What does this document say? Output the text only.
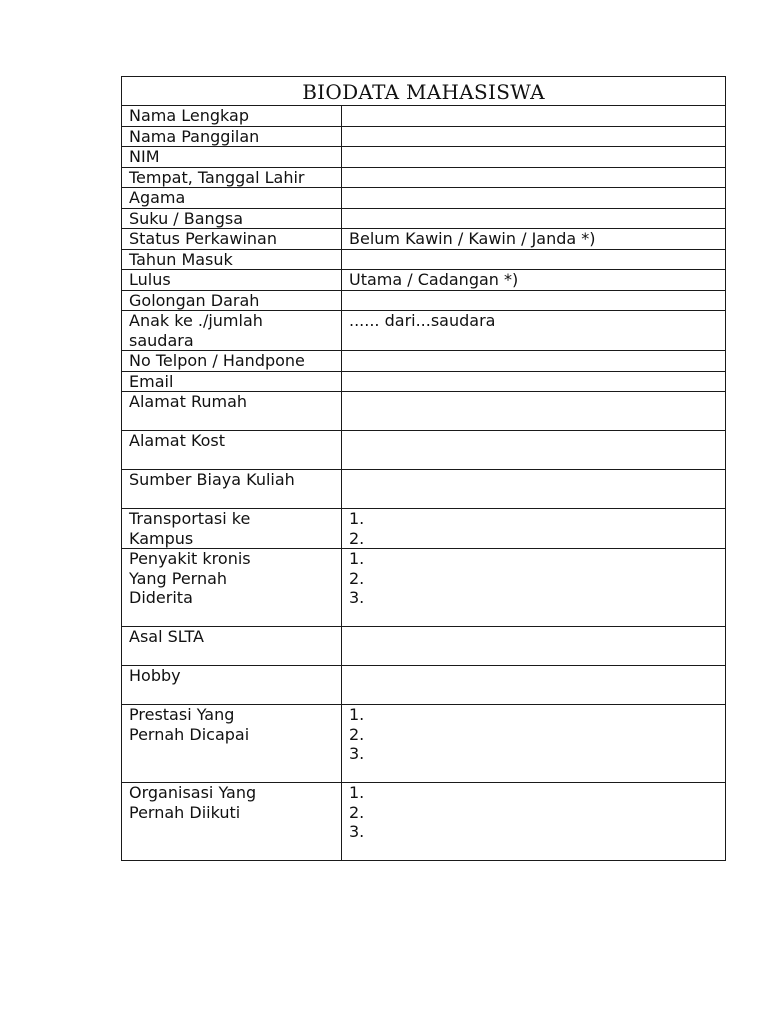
BIODATA MAHASISWA	

Nama Lengkap	

Nama Panggilan	

NIM	

Tempat, Tanggal Lahir	

Agama	

Suku / Bangsa	

Status Perkawinan	Belum Kawin / Kawin / Janda *)

Tahun Masuk	

Lulus	Utama / Cadangan *)

Golongan Darah	

Anak ke ./jumlah
saudara	...... dari...saudara

No Telpon / Handpone	

Email	

Alamat Rumah	

Alamat Kost	

Sumber Biaya Kuliah	

Transportasi ke
Kampus	1.
2.

Penyakit kronis
Yang Pernah
Diderita	1.
2.
3.

Asal SLTA	

Hobby	

Prestasi Yang
Pernah Dicapai	1.
2.
3.

Organisasi Yang
Pernah Diikuti	1.
2.
3.
